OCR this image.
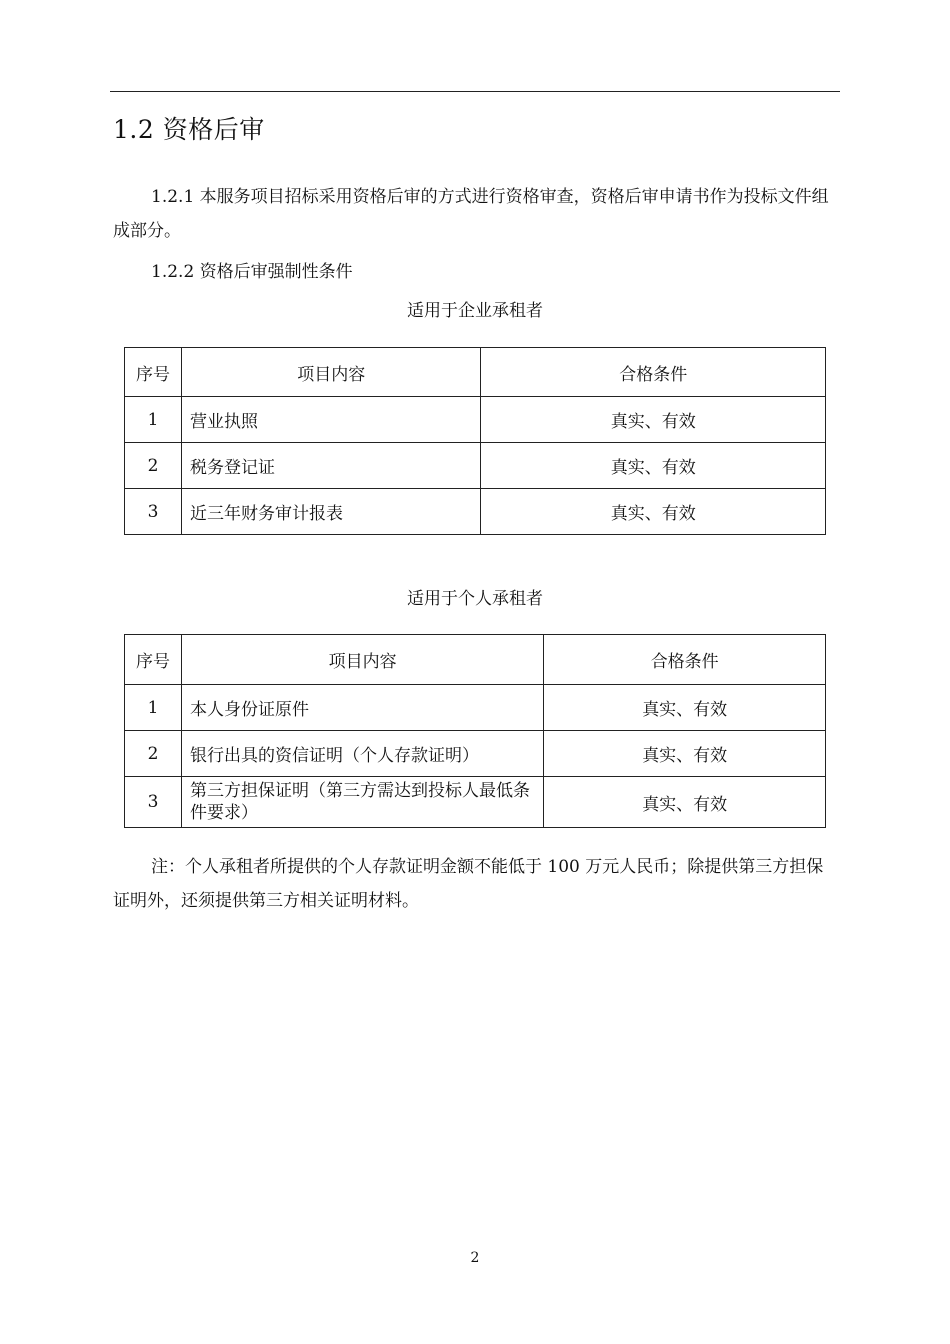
1.2 资格后审
1.2.1 本服务项目招标采用资格后审的方式进行资格审查，资格后审申请书作为投标文件组成部分。
1.2.2 资格后审强制性条件
适用于企业承租者
序号	项目内容	合格条件
1	营业执照	真实、有效
2	税务登记证	真实、有效
3	近三年财务审计报表	真实、有效
适用于个人承租者
序号	项目内容	合格条件
1	本人身份证原件	真实、有效
2	银行出具的资信证明（个人存款证明）	真实、有效
3	第三方担保证明（第三方需达到投标人最低条件要求）	真实、有效
注：个人承租者所提供的个人存款证明金额不能低于 100 万元人民币；除提供第三方担保证明外，还须提供第三方相关证明材料。
2
